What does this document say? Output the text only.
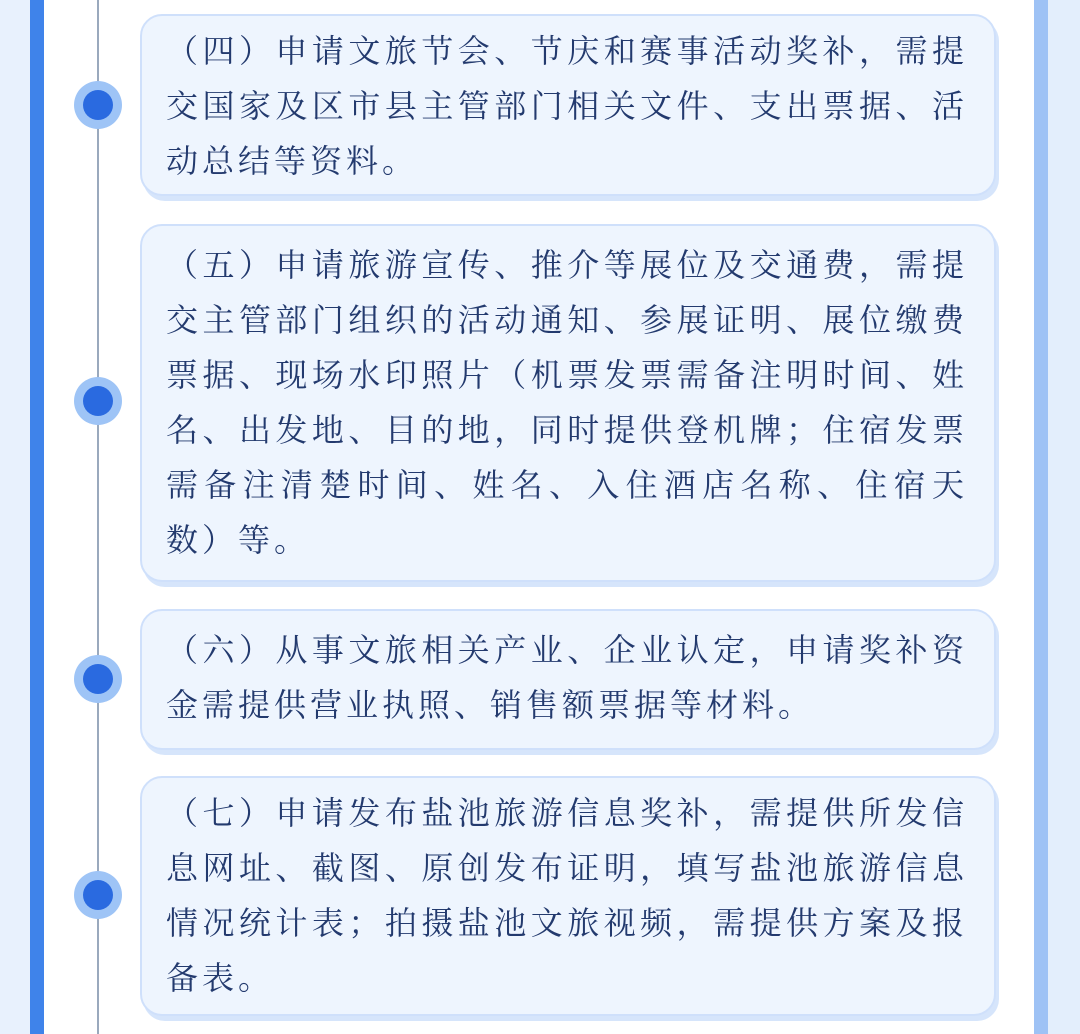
（四）申请文旅节会、节庆和赛事活动奖补，需提交国家及区市县主管部门相关文件、支出票据、活动总结等资料。

（五）申请旅游宣传、推介等展位及交通费，需提交主管部门组织的活动通知、参展证明、展位缴费票据、现场水印照片（机票发票需备注明时间、姓名、出发地、目的地，同时提供登机牌；住宿发票需备注清楚时间、姓名、入住酒店名称、住宿天数）等。

（六）从事文旅相关产业、企业认定，申请奖补资金需提供营业执照、销售额票据等材料。

（七）申请发布盐池旅游信息奖补，需提供所发信息网址、截图、原创发布证明，填写盐池旅游信息情况统计表；拍摄盐池文旅视频，需提供方案及报备表。
